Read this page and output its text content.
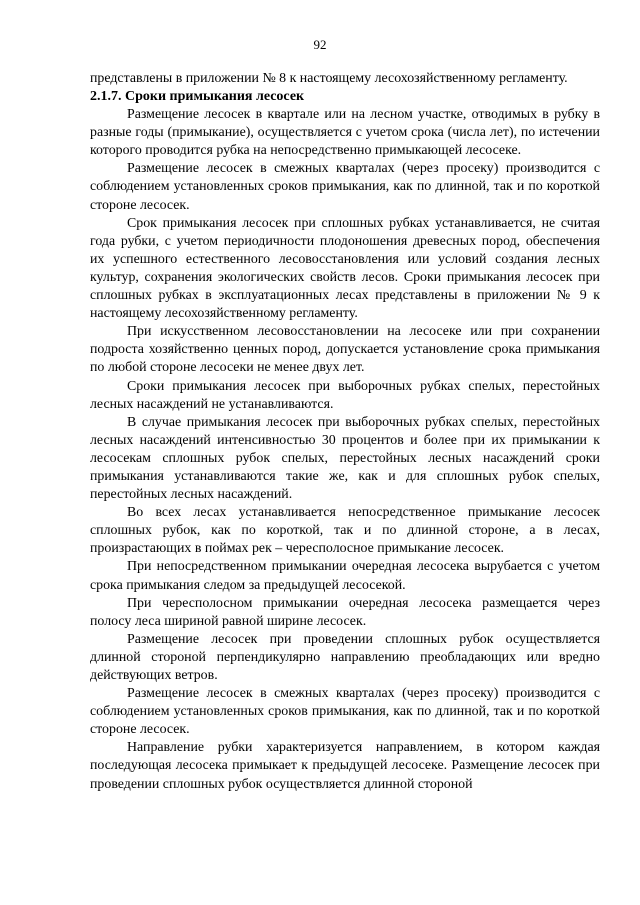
92

представлены в приложении № 8 к настоящему лесохозяйственному регламенту.

2.1.7. Сроки примыкания лесосек

Размещение лесосек в квартале или на лесном участке, отводимых в рубку в разные годы (примыкание), осуществляется с учетом срока (числа лет), по истечении которого проводится рубка на непосредственно примыкающей лесосеке.

Размещение лесосек в смежных кварталах (через просеку) производится с соблюдением установленных сроков примыкания, как по длинной, так и по короткой стороне лесосек.

Срок примыкания лесосек при сплошных рубках устанавливается, не считая года рубки, с учетом периодичности плодоношения древесных пород, обеспечения их успешного естественного лесовосстановления или условий создания лесных культур, сохранения экологических свойств лесов. Сроки примыкания лесосек при сплошных рубках в эксплуатационных лесах представлены в приложении № 9 к настоящему лесохозяйственному регламенту.

При искусственном лесовосстановлении на лесосеке или при сохранении подроста хозяйственно ценных пород, допускается установление срока примыкания по любой стороне лесосеки не менее двух лет.

Сроки примыкания лесосек при выборочных рубках спелых, перестойных лесных насаждений не устанавливаются.

В случае примыкания лесосек при выборочных рубках спелых, перестойных лесных насаждений интенсивностью 30 процентов и более при их примыкании к лесосекам сплошных рубок спелых, перестойных лесных насаждений сроки примыкания устанавливаются такие же, как и для сплошных рубок спелых, перестойных лесных насаждений.

Во всех лесах устанавливается непосредственное примыкание лесосек сплошных рубок, как по короткой, так и по длинной стороне, а в лесах, произрастающих в поймах рек – чересполосное примыкание лесосек.

При непосредственном примыкании очередная лесосека вырубается с учетом срока примыкания следом за предыдущей лесосекой.

При чересполосном примыкании очередная лесосека размещается через полосу леса шириной равной ширине лесосек.

Размещение лесосек при проведении сплошных рубок осуществляется длинной стороной перпендикулярно направлению преобладающих или вредно действующих ветров.

Размещение лесосек в смежных кварталах (через просеку) производится с соблюдением установленных сроков примыкания, как по длинной, так и по короткой стороне лесосек.

Направление рубки характеризуется направлением, в котором каждая последующая лесосека примыкает к предыдущей лесосеке. Размещение лесосек при проведении сплошных рубок осуществляется длинной стороной
